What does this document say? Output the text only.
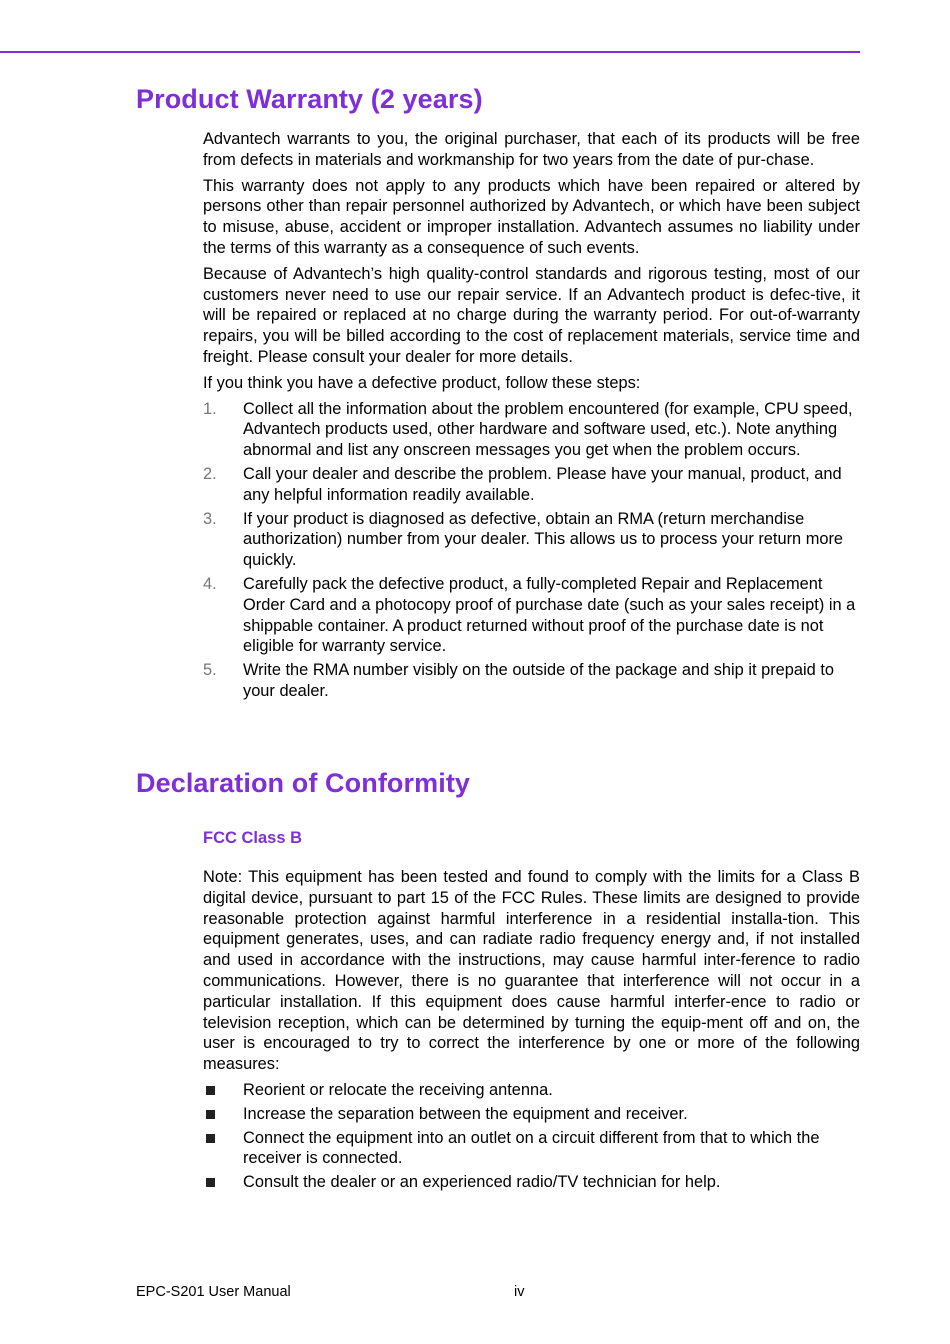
Product Warranty (2 years)

Advantech warrants to you, the original purchaser, that each of its products will be free from defects in materials and workmanship for two years from the date of pur-chase.

This warranty does not apply to any products which have been repaired or altered by persons other than repair personnel authorized by Advantech, or which have been subject to misuse, abuse, accident or improper installation. Advantech assumes no liability under the terms of this warranty as a consequence of such events.

Because of Advantech’s high quality-control standards and rigorous testing, most of our customers never need to use our repair service. If an Advantech product is defec-tive, it will be repaired or replaced at no charge during the warranty period. For out-of-warranty repairs, you will be billed according to the cost of replacement materials, service time and freight. Please consult your dealer for more details.

If you think you have a defective product, follow these steps:

1. Collect all the information about the problem encountered (for example, CPU speed, Advantech products used, other hardware and software used, etc.). Note anything abnormal and list any onscreen messages you get when the problem occurs.
2. Call your dealer and describe the problem. Please have your manual, product, and any helpful information readily available.
3. If your product is diagnosed as defective, obtain an RMA (return merchandise authorization) number from your dealer. This allows us to process your return more quickly.
4. Carefully pack the defective product, a fully-completed Repair and Replacement Order Card and a photocopy proof of purchase date (such as your sales receipt) in a shippable container. A product returned without proof of the purchase date is not eligible for warranty service.
5. Write the RMA number visibly on the outside of the package and ship it prepaid to your dealer.
Declaration of Conformity
FCC Class B

Note: This equipment has been tested and found to comply with the limits for a Class B digital device, pursuant to part 15 of the FCC Rules. These limits are designed to provide reasonable protection against harmful interference in a residential installa-tion. This equipment generates, uses, and can radiate radio frequency energy and, if not installed and used in accordance with the instructions, may cause harmful inter-ference to radio communications. However, there is no guarantee that interference will not occur in a particular installation. If this equipment does cause harmful interfer-ence to radio or television reception, which can be determined by turning the equip-ment off and on, the user is encouraged to try to correct the interference by one or more of the following measures:

Reorient or relocate the receiving antenna.
Increase the separation between the equipment and receiver.
Connect the equipment into an outlet on a circuit different from that to which the receiver is connected.
Consult the dealer or an experienced radio/TV technician for help.
EPC-S201 User Manual	iv
